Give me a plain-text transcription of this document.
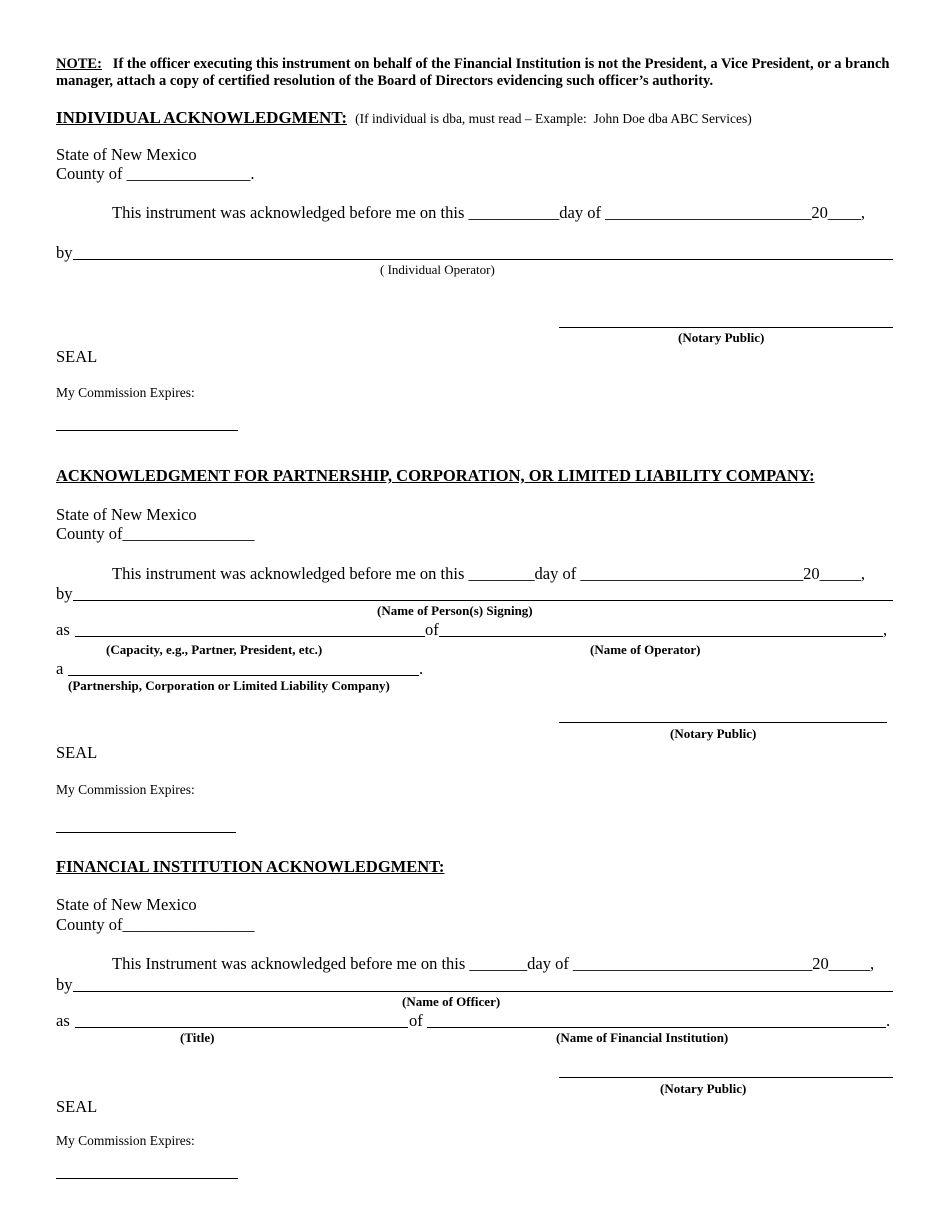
NOTE: If the officer executing this instrument on behalf of the Financial Institution is not the President, a Vice President, or a branch manager, attach a copy of certified resolution of the Board of Directors evidencing such officer’s authority.
INDIVIDUAL ACKNOWLEDGMENT: (If individual is dba, must read – Example:  John Doe dba ABC Services)
State of New Mexico
County of _______________.
This instrument was acknowledged before me on this ___________day of _________________________20____,
by
( Individual Operator)
(Notary Public)
SEAL
My Commission Expires:
ACKNOWLEDGMENT FOR PARTNERSHIP, CORPORATION, OR LIMITED LIABILITY COMPANY:
State of New Mexico
County of________________
This instrument was acknowledged before me on this ________day of ___________________________20_____,
by
(Name of Person(s) Signing)
as	of	,
(Capacity, e.g., Partner, President, etc.)	(Name of Operator)
a	.
(Partnership, Corporation or Limited Liability Company)
(Notary Public)
SEAL
My Commission Expires:
FINANCIAL INSTITUTION ACKNOWLEDGMENT:
State of New Mexico
County of________________
This Instrument was acknowledged before me on this _______day of _____________________________20_____,
by
(Name of Officer)
as	of	.
(Title)	(Name of Financial Institution)
(Notary Public)
SEAL
My Commission Expires:
